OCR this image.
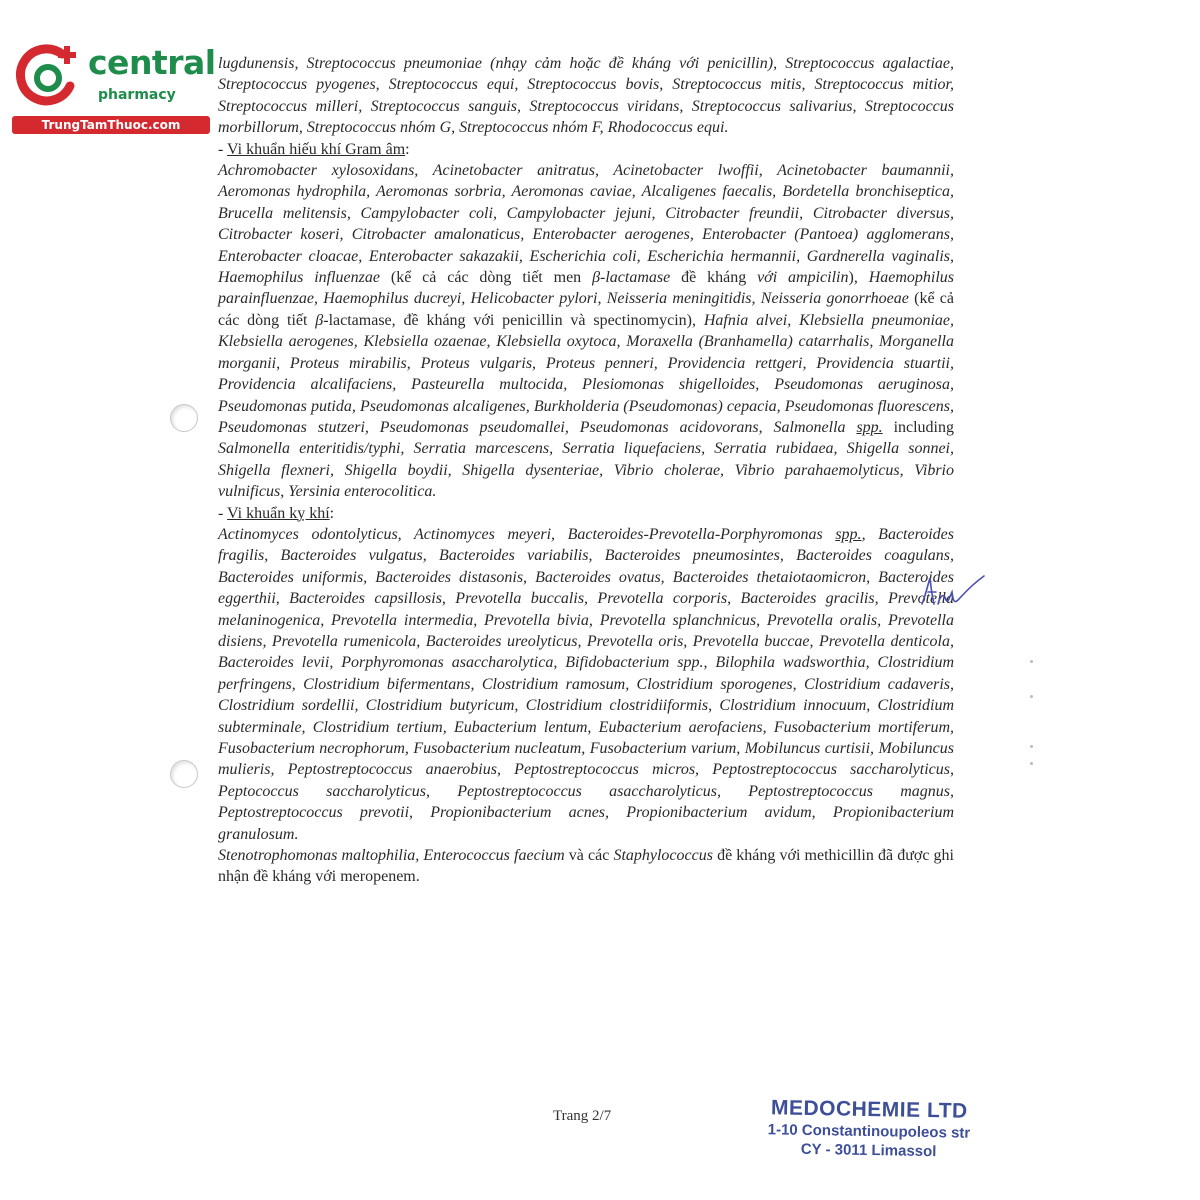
central
pharmacy
TrungTamThuoc.com

lugdunensis, Streptococcus pneumoniae (nhạy cảm hoặc đề kháng với penicillin), Streptococcus agalactiae, Streptococcus pyogenes, Streptococcus equi, Streptococcus bovis, Streptococcus mitis, Streptococcus mitior, Streptococcus milleri, Streptococcus sanguis, Streptococcus viridans, Streptococcus salivarius, Streptococcus morbillorum, Streptococcus nhóm G, Streptococcus nhóm F, Rhodococcus equi.

- Vi khuẩn hiếu khí Gram âm:

Achromobacter xylosoxidans, Acinetobacter anitratus, Acinetobacter lwoffii, Acinetobacter baumannii, Aeromonas hydrophila, Aeromonas sorbria, Aeromonas caviae, Alcaligenes faecalis, Bordetella bronchiseptica, Brucella melitensis, Campylobacter coli, Campylobacter jejuni, Citrobacter freundii, Citrobacter diversus, Citrobacter koseri, Citrobacter amalonaticus, Enterobacter aerogenes, Enterobacter (Pantoea) agglomerans, Enterobacter cloacae, Enterobacter sakazakii, Escherichia coli, Escherichia hermannii, Gardnerella vaginalis, Haemophilus influenzae (kể cả các dòng tiết men β-lactamase đề kháng với ampicilin), Haemophilus parainfluenzae, Haemophilus ducreyi, Helicobacter pylori, Neisseria meningitidis, Neisseria gonorrhoeae (kể cả các dòng tiết β-lactamase, đề kháng với penicillin và spectinomycin), Hafnia alvei, Klebsiella pneumoniae, Klebsiella aerogenes, Klebsiella ozaenae, Klebsiella oxytoca, Moraxella (Branhamella) catarrhalis, Morganella morganii, Proteus mirabilis, Proteus vulgaris, Proteus penneri, Providencia rettgeri, Providencia stuartii, Providencia alcalifaciens, Pasteurella multocida, Plesiomonas shigelloides, Pseudomonas aeruginosa, Pseudomonas putida, Pseudomonas alcaligenes, Burkholderia (Pseudomonas) cepacia, Pseudomonas fluorescens, Pseudomonas stutzeri, Pseudomonas pseudomallei, Pseudomonas acidovorans, Salmonella spp. including Salmonella enteritidis/typhi, Serratia marcescens, Serratia liquefaciens, Serratia rubidaea, Shigella sonnei, Shigella flexneri, Shigella boydii, Shigella dysenteriae, Vibrio cholerae, Vibrio parahaemolyticus, Vibrio vulnificus, Yersinia enterocolitica.

- Vi khuẩn kỵ khí:

Actinomyces odontolyticus, Actinomyces meyeri, Bacteroides-Prevotella-Porphyromonas spp., Bacteroides fragilis, Bacteroides vulgatus, Bacteroides variabilis, Bacteroides pneumosintes, Bacteroides coagulans, Bacteroides uniformis, Bacteroides distasonis, Bacteroides ovatus, Bacteroides thetaiotaomicron, Bacteroides eggerthii, Bacteroides capsillosis, Prevotella buccalis, Prevotella corporis, Bacteroides gracilis, Prevotella melaninogenica, Prevotella intermedia, Prevotella bivia, Prevotella splanchnicus, Prevotella oralis, Prevotella disiens, Prevotella rumenicola, Bacteroides ureolyticus, Prevotella oris, Prevotella buccae, Prevotella denticola, Bacteroides levii, Porphyromonas asaccharolytica, Bifidobacterium spp., Bilophila wadsworthia, Clostridium perfringens, Clostridium bifermentans, Clostridium ramosum, Clostridium sporogenes, Clostridium cadaveris, Clostridium sordellii, Clostridium butyricum, Clostridium clostridiiformis, Clostridium innocuum, Clostridium subterminale, Clostridium tertium, Eubacterium lentum, Eubacterium aerofaciens, Fusobacterium mortiferum, Fusobacterium necrophorum, Fusobacterium nucleatum, Fusobacterium varium, Mobiluncus curtisii, Mobiluncus mulieris, Peptostreptococcus anaerobius, Peptostreptococcus micros, Peptostreptococcus saccharolyticus, Peptococcus saccharolyticus, Peptostreptococcus asaccharolyticus, Peptostreptococcus magnus, Peptostreptococcus prevotii, Propionibacterium acnes, Propionibacterium avidum, Propionibacterium granulosum.

Stenotrophomonas maltophilia, Enterococcus faecium và các Staphylococcus đề kháng với methicillin đã được ghi nhận đề kháng với meropenem.

Trang 2/7	MEDOCHEMIE LTD
1-10 Constantinoupoleos str
CY - 3011 Limassol
